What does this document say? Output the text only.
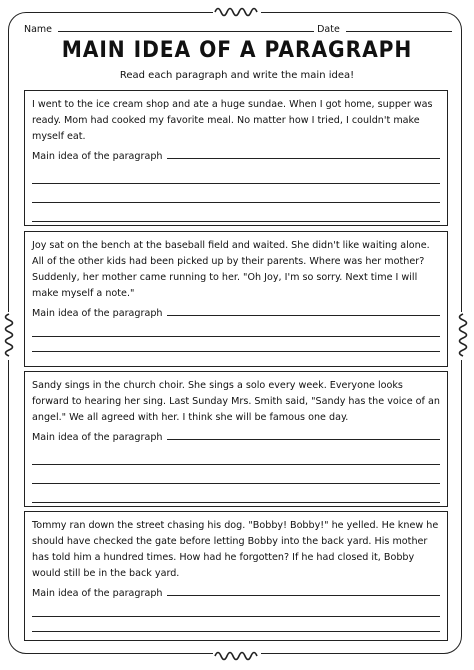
Name	Date
MAIN IDEA OF A PARAGRAPH
Read each paragraph and write the main idea!

I went to the ice cream shop and ate a huge sundae. When I got home, supper was ready. Mom had cooked my favorite meal. No matter how I tried, I couldn't make myself eat.

Main idea of the paragraph

Joy sat on the bench at the baseball field and waited. She didn't like waiting alone. All of the other kids had been picked up by their parents. Where was her mother? Suddenly, her mother came running to her. "Oh Joy, I'm so sorry. Next time I will make myself a note."

Main idea of the paragraph

Sandy sings in the church choir. She sings a solo every week. Everyone looks forward to hearing her sing. Last Sunday Mrs. Smith said, "Sandy has the voice of an angel." We all agreed with her. I think she will be famous one day.

Main idea of the paragraph

Tommy ran down the street chasing his dog. "Bobby! Bobby!" he yelled. He knew he should have checked the gate before letting Bobby into the back yard. His mother has told him a hundred times. How had he forgotten? If he had closed it, Bobby would still be in the back yard.

Main idea of the paragraph
